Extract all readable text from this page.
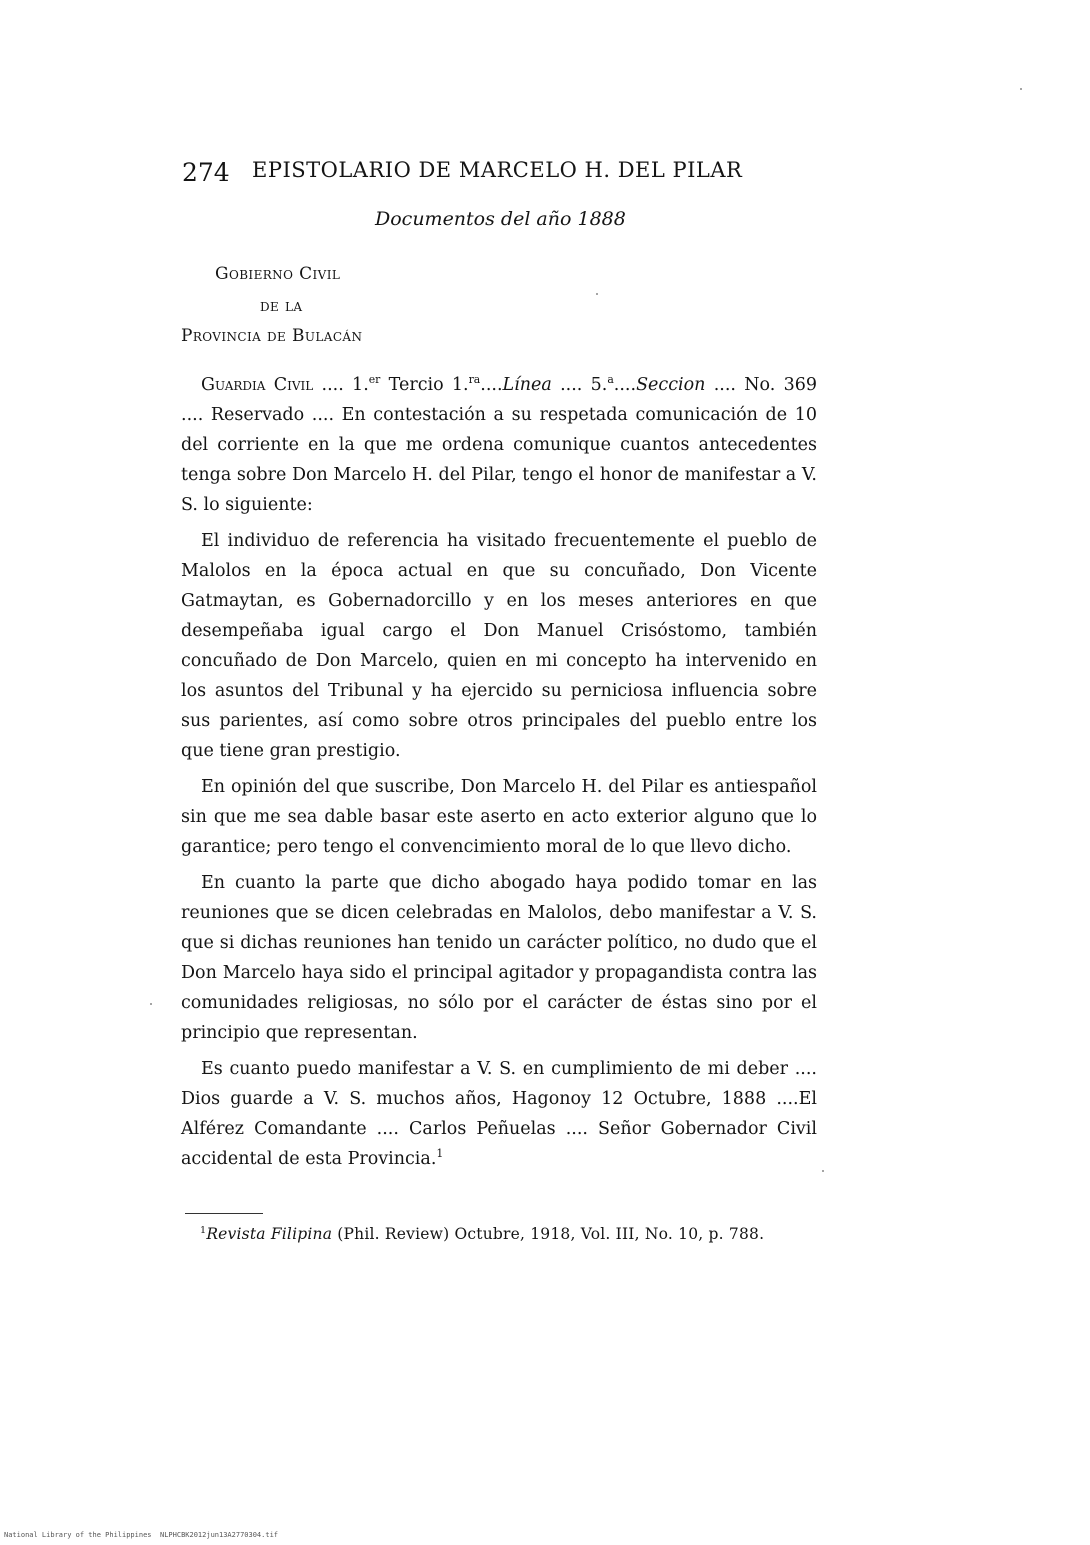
274 EPISTOLARIO DE MARCELO H. DEL PILAR
Documentos del año 1888
Gobierno Civil
de la
Provincia de Bulacán

Guardia Civil .... 1.$^{er}$ Tercio 1.$^{ra}$....Línea .... 5.$^a$....Seccion .... No. 369 .... Reservado .... En contestación a su respetada comunicación de 10 del corriente en la que me ordena comunique cuantos antecedentes tenga sobre Don Marcelo H. del Pilar, tengo el honor de manifestar a V. S. lo siguiente:

El individuo de referencia ha visitado frecuentemente el pueblo de Malolos en la época actual en que su concuñado, Don Vicente Gatmaytan, es Gobernadorcillo y en los meses anteriores en que desempeñaba igual cargo el Don Manuel Crisóstomo, también concuñado de Don Marcelo, quien en mi concepto ha intervenido en los asuntos del Tribunal y ha ejercido su perniciosa influencia sobre sus parientes, así como sobre otros principales del pueblo entre los que tiene gran prestigio.

En opinión del que suscribe, Don Marcelo H. del Pilar es antiespañol sin que me sea dable basar este aserto en acto exterior alguno que lo garantice; pero tengo el convencimiento moral de lo que llevo dicho.

En cuanto la parte que dicho abogado haya podido tomar en las reuniones que se dicen celebradas en Malolos, debo manifestar a V. S. que si dichas reuniones han tenido un carácter político, no dudo que el Don Marcelo haya sido el principal agitador y propagandista contra las comunidades religiosas, no sólo por el carácter de éstas sino por el principio que representan.

Es cuanto puedo manifestar a V. S. en cumplimiento de mi deber .... Dios guarde a V. S. muchos años, Hagonoy 12 Octubre, 1888 ....El Alférez Comandante .... Carlos Peñuelas .... Señor Gobernador Civil accidental de esta Provincia.$^1$

$^1$Revista Filipina (Phil. Review) Octubre, 1918, Vol. III, No. 10, p. 788.
National Library of the Philippines NLPHCBK2012jun13A2770304.tif
